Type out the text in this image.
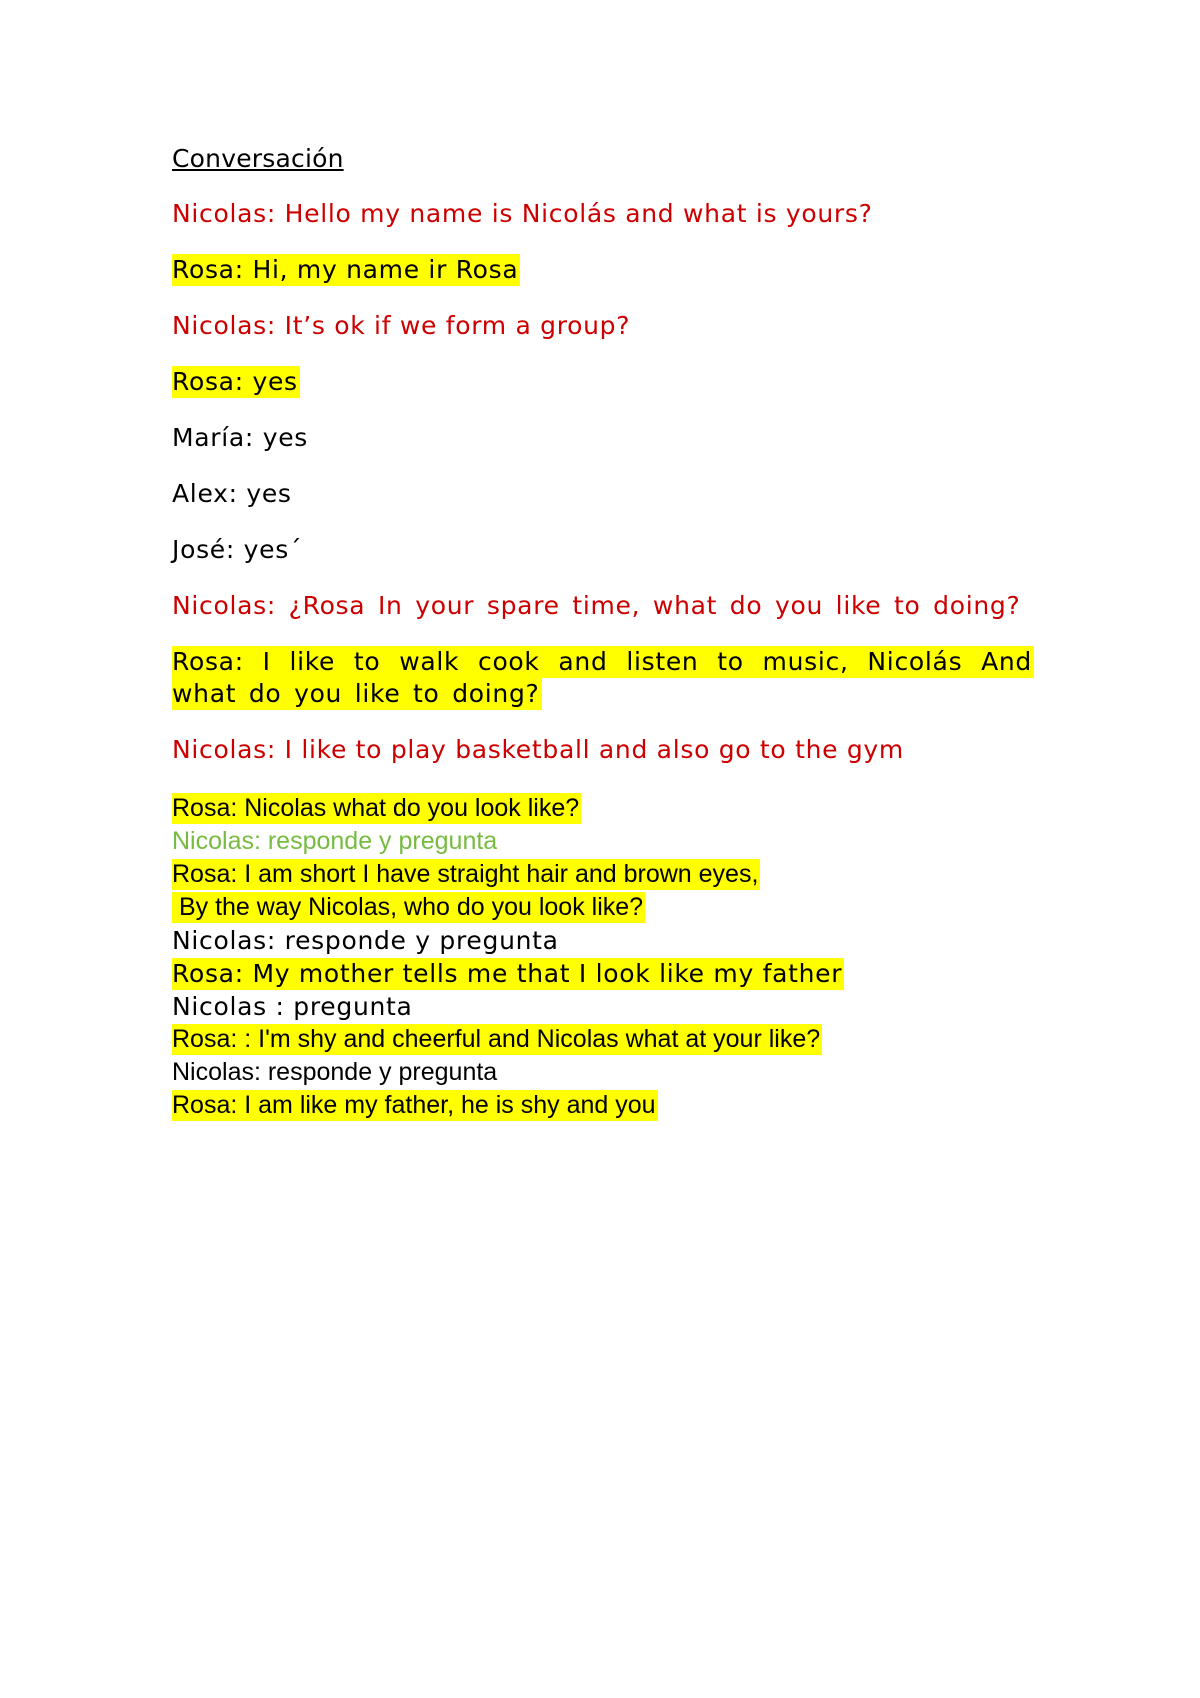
Conversación

Nicolas: Hello my name is Nicolás and what is yours?

Rosa: Hi, my name ir Rosa

Nicolas: It’s ok if we form a group?

Rosa: yes

María: yes

Alex: yes

José: yes´

Nicolas: ¿Rosa In your spare time, what do you like to doing?

Rosa: I like to walk cook and listen to music, Nicolás And what do you like to doing?

Nicolas: I like to play basketball and also go to the gym

Rosa: Nicolas what do you look like?

Nicolas: responde y pregunta

Rosa: I am short I have straight hair and brown eyes,

By the way Nicolas, who do you look like?

Nicolas: responde y pregunta

Rosa: My mother tells me that I look like my father

Nicolas : pregunta

Rosa: : I'm shy and cheerful and Nicolas what at your like?

Nicolas: responde y pregunta

Rosa: I am like my father, he is shy and you
